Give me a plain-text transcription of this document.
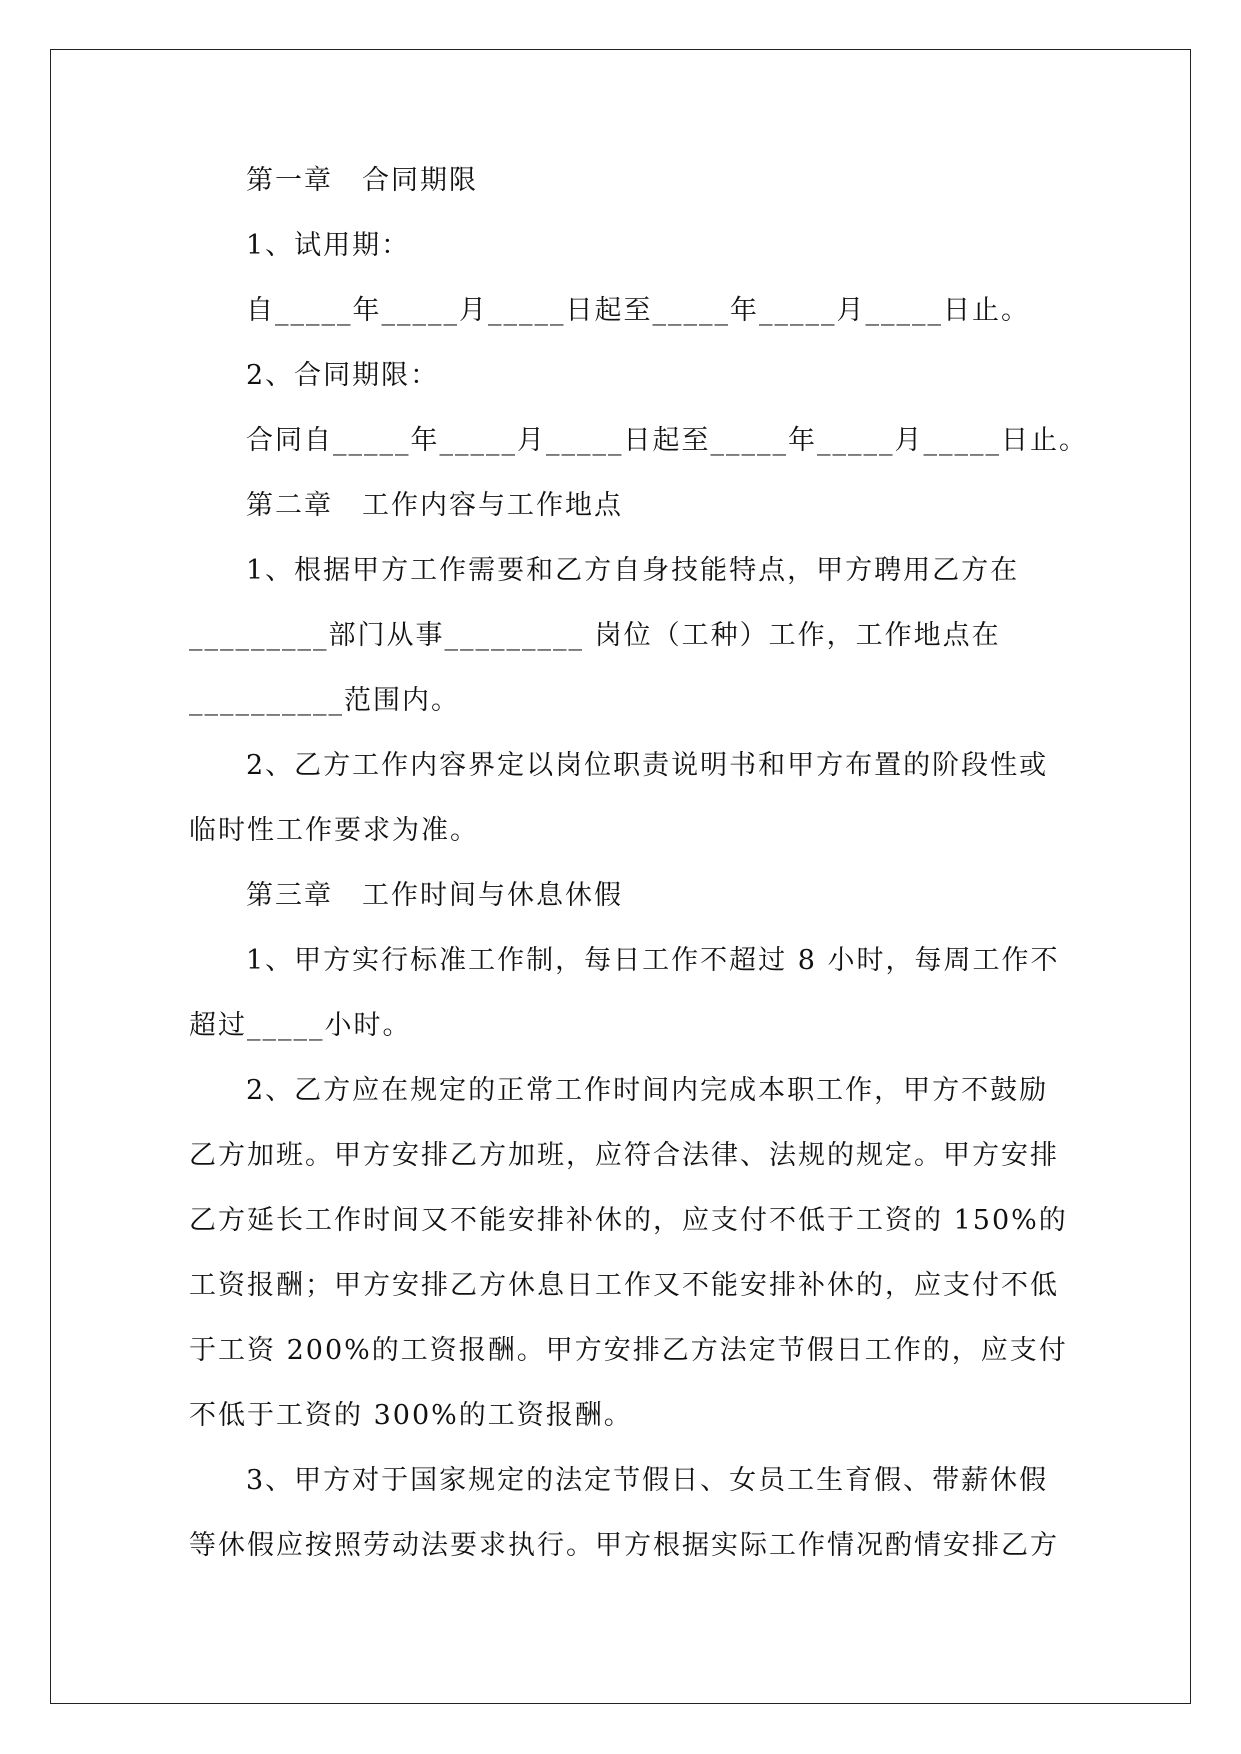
第一章　合同期限
1、试用期：
自_____年_____月_____日起至_____年_____月_____日止。
2、合同期限：
合同自_____年_____月_____日起至_____年_____月_____日止。
第二章　工作内容与工作地点
1、根据甲方工作需要和乙方自身技能特点，甲方聘用乙方在
_________部门从事_________ 岗位（工种）工作，工作地点在
__________范围内。
2、乙方工作内容界定以岗位职责说明书和甲方布置的阶段性或
临时性工作要求为准。
第三章　工作时间与休息休假
1、甲方实行标准工作制，每日工作不超过 8 小时，每周工作不
超过_____小时。
2、乙方应在规定的正常工作时间内完成本职工作，甲方不鼓励
乙方加班。甲方安排乙方加班，应符合法律、法规的规定。甲方安排
乙方延长工作时间又不能安排补休的，应支付不低于工资的 150%的
工资报酬；甲方安排乙方休息日工作又不能安排补休的，应支付不低
于工资 200%的工资报酬。甲方安排乙方法定节假日工作的，应支付
不低于工资的 300%的工资报酬。
3、甲方对于国家规定的法定节假日、女员工生育假、带薪休假
等休假应按照劳动法要求执行。甲方根据实际工作情况酌情安排乙方
